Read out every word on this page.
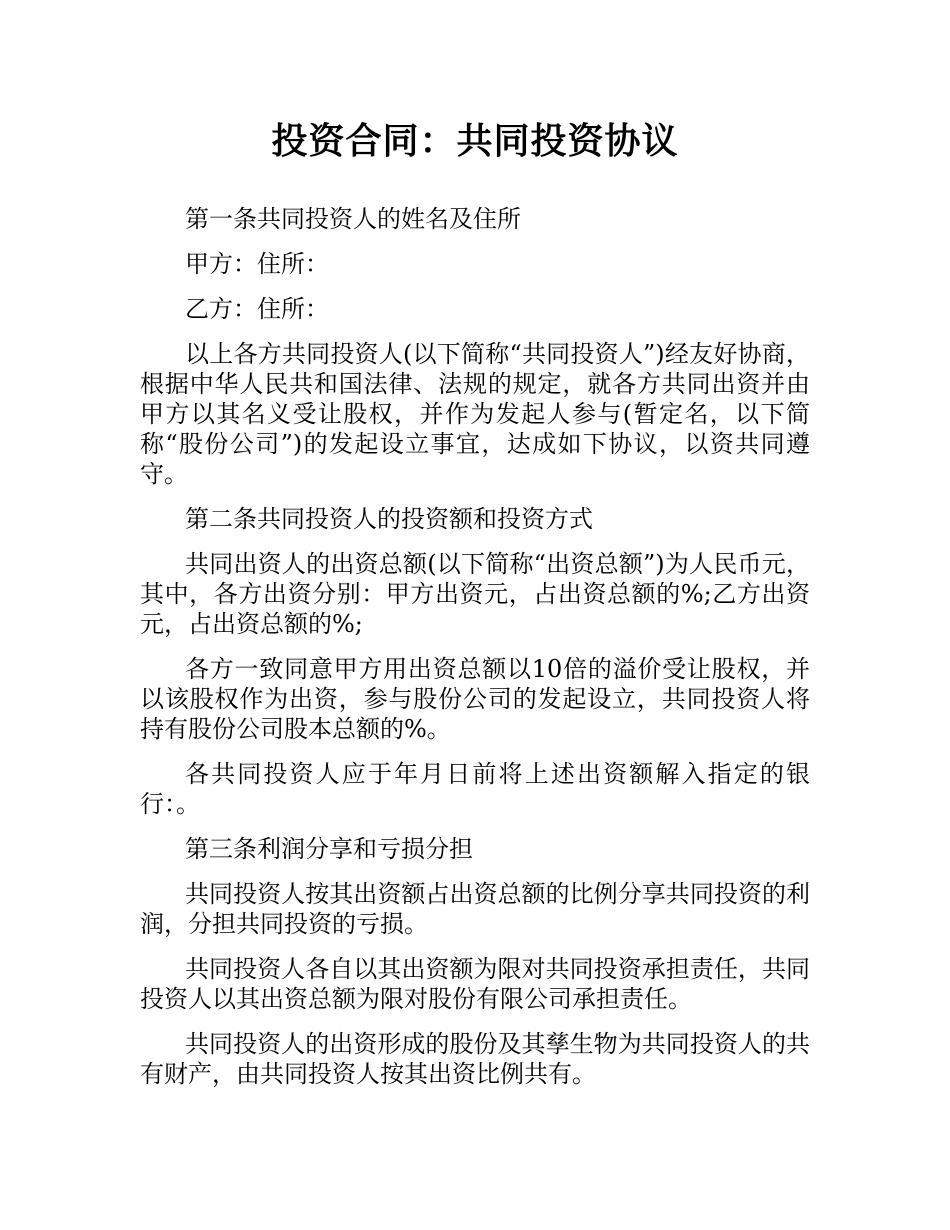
投资合同：共同投资协议

第一条共同投资人的姓名及住所

甲方：住所：

乙方：住所：

以上各方共同投资人(以下简称“共同投资人”)经友好协商，根据中华人民共和国法律、法规的规定，就各方共同出资并由甲方以其名义受让股权，并作为发起人参与(暂定名，以下简称“股份公司”)的发起设立事宜，达成如下协议，以资共同遵守。

第二条共同投资人的投资额和投资方式

共同出资人的出资总额(以下简称“出资总额”)为人民币元，其中，各方出资分别：甲方出资元，占出资总额的%;乙方出资元，占出资总额的%;

各方一致同意甲方用出资总额以10倍的溢价受让股权，并以该股权作为出资，参与股份公司的发起设立，共同投资人将持有股份公司股本总额的%。

各共同投资人应于年月日前将上述出资额解入指定的银行：。

第三条利润分享和亏损分担

共同投资人按其出资额占出资总额的比例分享共同投资的利润，分担共同投资的亏损。

共同投资人各自以其出资额为限对共同投资承担责任，共同投资人以其出资总额为限对股份有限公司承担责任。

共同投资人的出资形成的股份及其孳生物为共同投资人的共有财产，由共同投资人按其出资比例共有。
